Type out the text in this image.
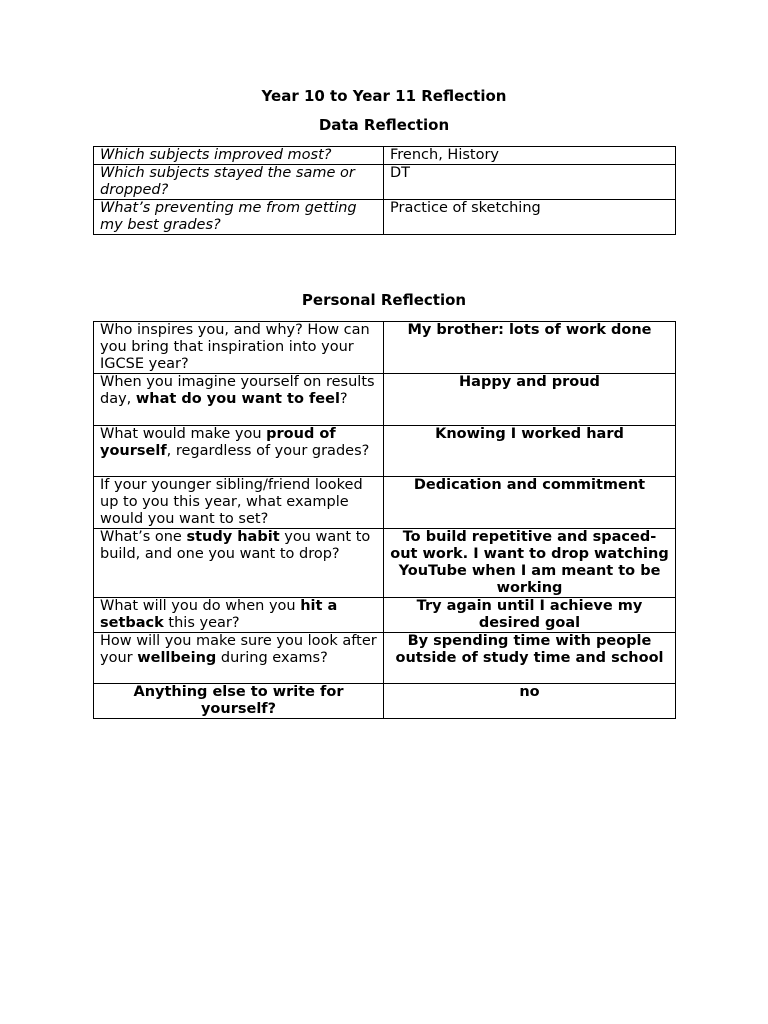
Year 10 to Year 11 Reflection
Data Reflection
Which subjects improved most?	French, History
Which subjects stayed the same or dropped?	DT
What’s preventing me from getting my best grades?	Practice of sketching
Personal Reflection
Who inspires you, and why? How can you bring that inspiration into your IGCSE year?	My brother: lots of work done
When you imagine yourself on results day, what do you want to feel?	Happy and proud
What would make you proud of yourself, regardless of your grades?	Knowing I worked hard
If your younger sibling/friend looked up to you this year, what example would you want to set?	Dedication and commitment
What’s one study habit you want to build, and one you want to drop?	To build repetitive and spaced-out work. I want to drop watching YouTube when I am meant to be working
What will you do when you hit a setback this year?	Try again until I achieve my desired goal
How will you make sure you look after your wellbeing during exams?	By spending time with people outside of study time and school
Anything else to write for yourself?	no
